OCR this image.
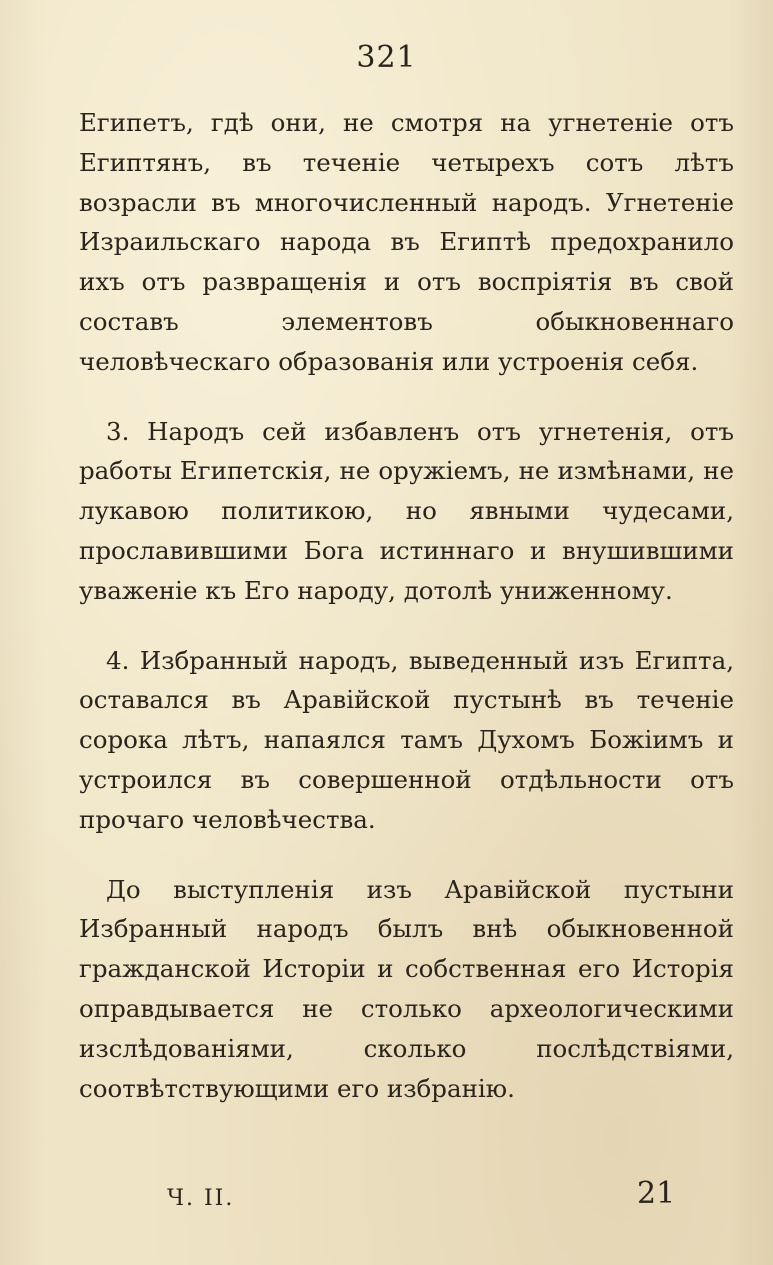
321

Египетъ, гдѣ они, не смотря на угнетеніе отъ Египтянъ, въ теченіе четырехъ сотъ лѣтъ возрасли въ многочисленный народъ. Угнетеніе Израильскаго народа въ Египтѣ предохранило ихъ отъ развращенія и отъ воспріятія въ свой составъ элементовъ обыкновеннаго человѣческаго образованія или устроенія себя.

3. Народъ сей избавленъ отъ угнетенія, отъ работы Египетскія, не оружіемъ, не измѣнами, не лукавою политикою, но явными чудесами, прославившими Бога истиннаго и внушившими уваженіе къ Его народу, дотолѣ униженному.

4. Избранный народъ, выведенный изъ Египта, оставался въ Аравійской пустынѣ въ теченіе сорока лѣтъ, напаялся тамъ Духомъ Божіимъ и устроился въ совершенной отдѣльности отъ прочаго человѣчества.

До выступленія изъ Аравійской пустыни Избранный народъ былъ внѣ обыкновенной гражданской Исторіи и собственная его Исторія оправдывается не столько археологическими изслѣдованіями, сколько послѣдствіями, соотвѣтствующими его избранію.

Ч. II.	21
